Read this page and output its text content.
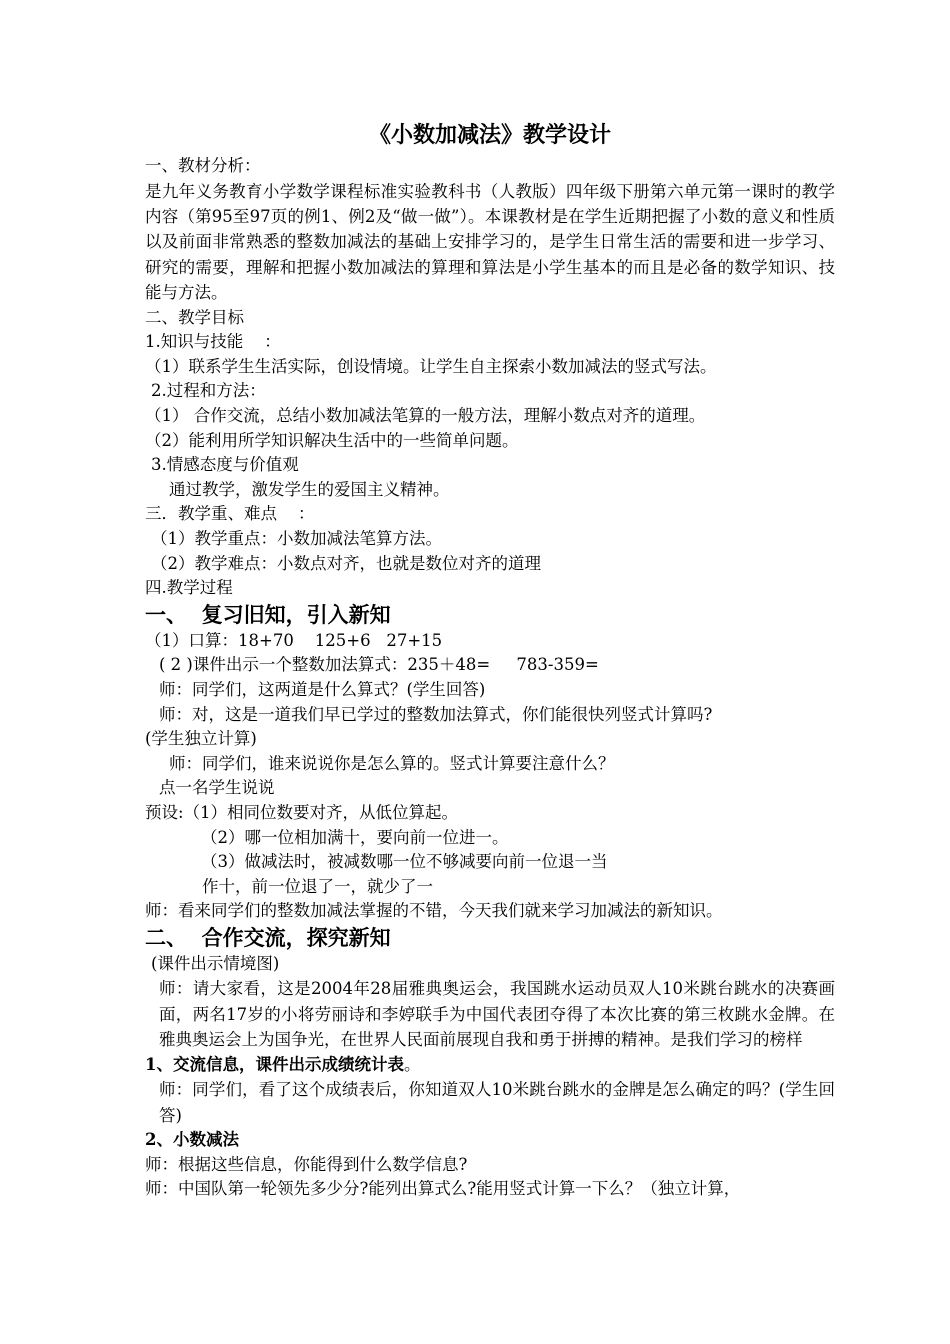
《小数加减法》教学设计

一、教材分析：

是九年义务教育小学数学课程标准实验教科书（人教版）四年级下册第六单元第一课时的教学内容（第95至97页的例1、例2及“做一做”）。本课教材是在学生近期把握了小数的意义和性质以及前面非常熟悉的整数加减法的基础上安排学习的，是学生日常生活的需要和进一步学习、研究的需要，理解和把握小数加减法的算理和算法是小学生基本的而且是必备的数学知识、技能与方法。

二、教学目标

1.知识与技能    ：

（1）联系学生生活实际，创设情境。让学生自主探索小数加减法的竖式写法。

2.过程和方法：

（1） 合作交流，总结小数加减法笔算的一般方法，理解小数点对齐的道理。

（2）能利用所学知识解决生活中的一些简单问题。

3.情感态度与价值观

通过教学，激发学生的爱国主义精神。

三．教学重、难点    ：

（1）教学重点：小数加减法笔算方法。

（2）教学难点：小数点对齐，也就是数位对齐的道理

四.教学过程

一、  复习旧知，引入新知

（1）口算：18+70    125+6   27+15

( 2 )课件出示一个整数加法算式：235＋48=     783-359=

师：同学们，这两道是什么算式？(学生回答)

师：对，这是一道我们早已学过的整数加法算式，你们能很快列竖式计算吗?

(学生独立计算)

师：同学们，谁来说说你是怎么算的。竖式计算要注意什么？

点一名学生说说

预设:（1）相同位数要对齐，从低位算起。

（2）哪一位相加满十，要向前一位进一。

（3）做减法时，被减数哪一位不够减要向前一位退一当

作十，前一位退了一，就少了一

师：看来同学们的整数加减法掌握的不错，今天我们就来学习加减法的新知识。

二、  合作交流，探究新知

(课件出示情境图)

师：请大家看，这是2004年28届雅典奥运会，我国跳水运动员双人10米跳台跳水的决赛画面，两名17岁的小将劳丽诗和李婷联手为中国代表团夺得了本次比赛的第三枚跳水金牌。在雅典奥运会上为国争光，在世界人民面前展现自我和勇于拼搏的精神。是我们学习的榜样

1、交流信息，课件出示成绩统计表。

师：同学们，看了这个成绩表后，你知道双人10米跳台跳水的金牌是怎么确定的吗？(学生回答)

2、小数减法

师：根据这些信息，你能得到什么数学信息?

师：中国队第一轮领先多少分?能列出算式么?能用竖式计算一下么？（独立计算，
